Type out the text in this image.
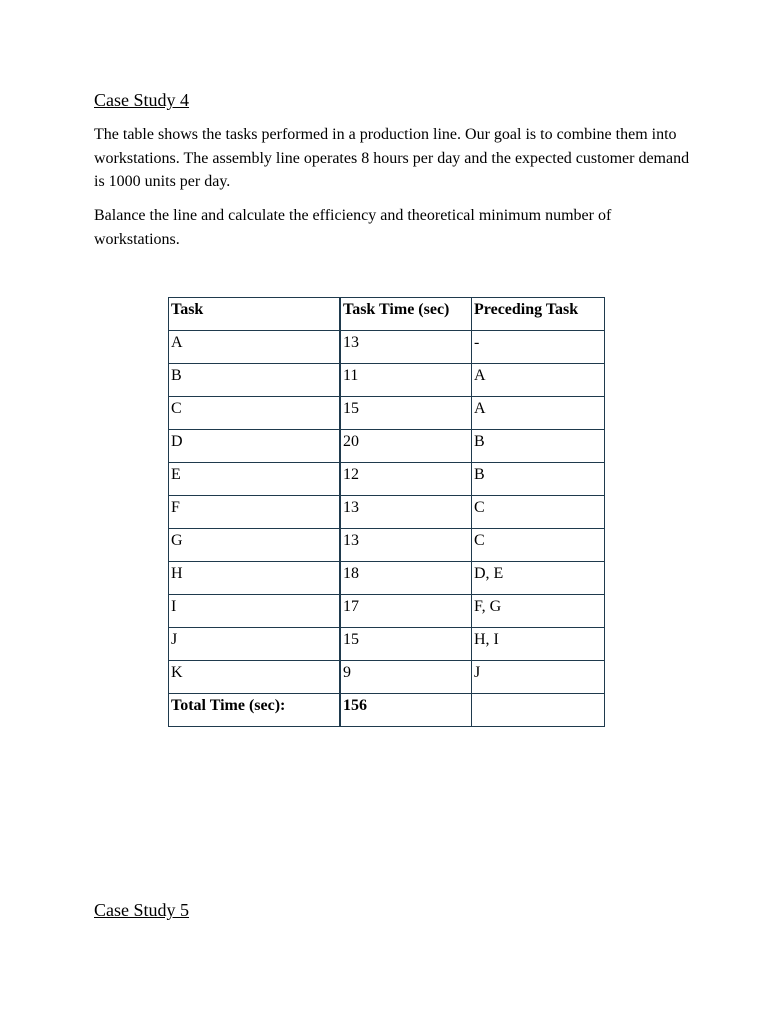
Case Study 4

The table shows the tasks performed in a production line. Our goal is to combine them into workstations. The assembly line operates 8 hours per day and the expected customer demand is 1000 units per day.

Balance the line and calculate the efficiency and theoretical minimum number of workstations.

Task	Task Time (sec)	Preceding Task
A	13	-
B	11	A
C	15	A
D	20	B
E	12	B
F	13	C
G	13	C
H	18	D, E
I	17	F, G
J	15	H, I
K	9	J
Total Time (sec):	156	
Case Study 5
